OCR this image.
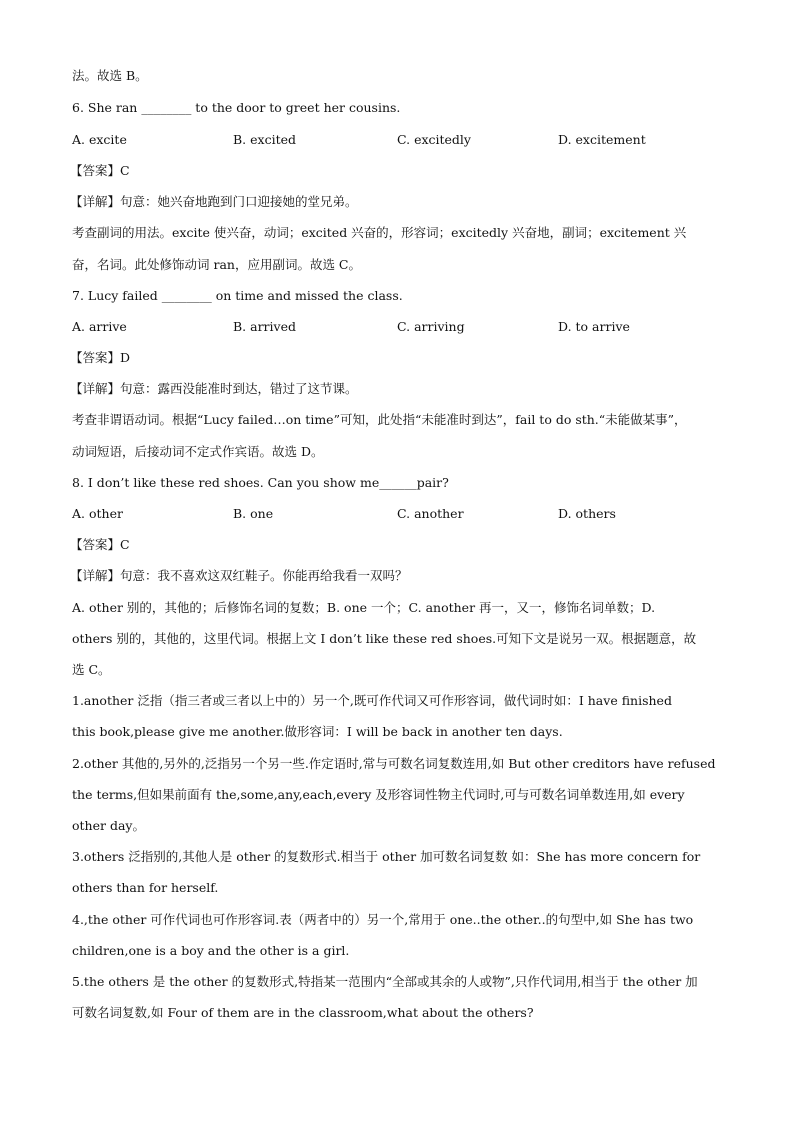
法。故选 B。
6. She ran ________ to the door to greet her cousins.
A. excite	B. excited	C. excitedly	D. excitement
【答案】C
【详解】句意：她兴奋地跑到门口迎接她的堂兄弟。
考查副词的用法。excite 使兴奋，动词；excited 兴奋的，形容词；excitedly 兴奋地，副词；excitement 兴
奋，名词。此处修饰动词 ran，应用副词。故选 C。
7. Lucy failed ________ on time and missed the class.
A. arrive	B. arrived	C. arriving	D. to arrive
【答案】D
【详解】句意：露西没能准时到达，错过了这节课。
考查非谓语动词。根据“Lucy failed…on time”可知，此处指“未能准时到达”，fail to do sth.“未能做某事”，
动词短语，后接动词不定式作宾语。故选 D。
8. I don’t like these red shoes. Can you show me______pair?
A. other	B. one	C. another	D. others
【答案】C
【详解】句意：我不喜欢这双红鞋子。你能再给我看一双吗？
A. other 别的，其他的；后修饰名词的复数；B. one 一个；C. another 再一，又一，修饰名词单数；D.
others 别的，其他的，这里代词。根据上文 I don’t like these red shoes.可知下文是说另一双。根据题意，故
选 C。
1.another 泛指（指三者或三者以上中的）另一个,既可作代词又可作形容词，做代词时如：I have finished
this book,please give me another.做形容词：I will be back in another ten days.
2.other 其他的,另外的,泛指另一个另一些.作定语时,常与可数名词复数连用,如 But other creditors have refused
the terms,但如果前面有 the,some,any,each,every 及形容词性物主代词时,可与可数名词单数连用,如 every
other day。
3.others 泛指别的,其他人是 other 的复数形式.相当于 other 加可数名词复数 如：She has more concern for
others than for herself.
4.,the other 可作代词也可作形容词.表（两者中的）另一个,常用于 one..the other..的句型中,如 She has two
children,one is a boy and the other is a girl.
5.the others 是 the other 的复数形式,特指某一范围内“全部或其余的人或物”,只作代词用,相当于 the other 加
可数名词复数,如 Four of them are in the classroom,what about the others?
